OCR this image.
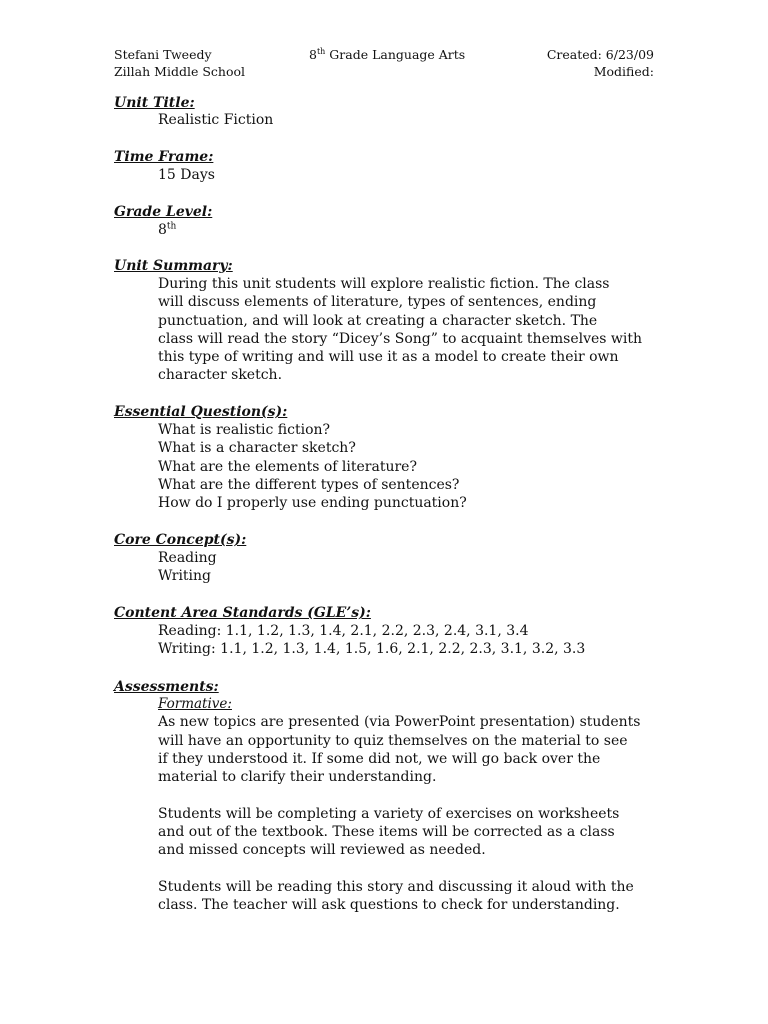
Stefani Tweedy
Zillah Middle School
8th Grade Language Arts	Created: 6/23/09
Modified:
Unit Title:
Realistic Fiction
Time Frame:
15 Days
Grade Level:
8th
Unit Summary:
During this unit students will explore realistic fiction. The class
will discuss elements of literature, types of sentences, ending
punctuation, and will look at creating a character sketch. The
class will read the story “Dicey’s Song” to acquaint themselves with
this type of writing and will use it as a model to create their own
character sketch.
Essential Question(s):
What is realistic fiction?
What is a character sketch?
What are the elements of literature?
What are the different types of sentences?
How do I properly use ending punctuation?
Core Concept(s):
Reading
Writing
Content Area Standards (GLE’s):
Reading: 1.1, 1.2, 1.3, 1.4, 2.1, 2.2, 2.3, 2.4, 3.1, 3.4
Writing: 1.1, 1.2, 1.3, 1.4, 1.5, 1.6, 2.1, 2.2, 2.3, 3.1, 3.2, 3.3
Assessments:
Formative:
As new topics are presented (via PowerPoint presentation) students
will have an opportunity to quiz themselves on the material to see
if they understood it. If some did not, we will go back over the
material to clarify their understanding.
Students will be completing a variety of exercises on worksheets
and out of the textbook. These items will be corrected as a class
and missed concepts will reviewed as needed.
Students will be reading this story and discussing it aloud with the
class. The teacher will ask questions to check for understanding.
